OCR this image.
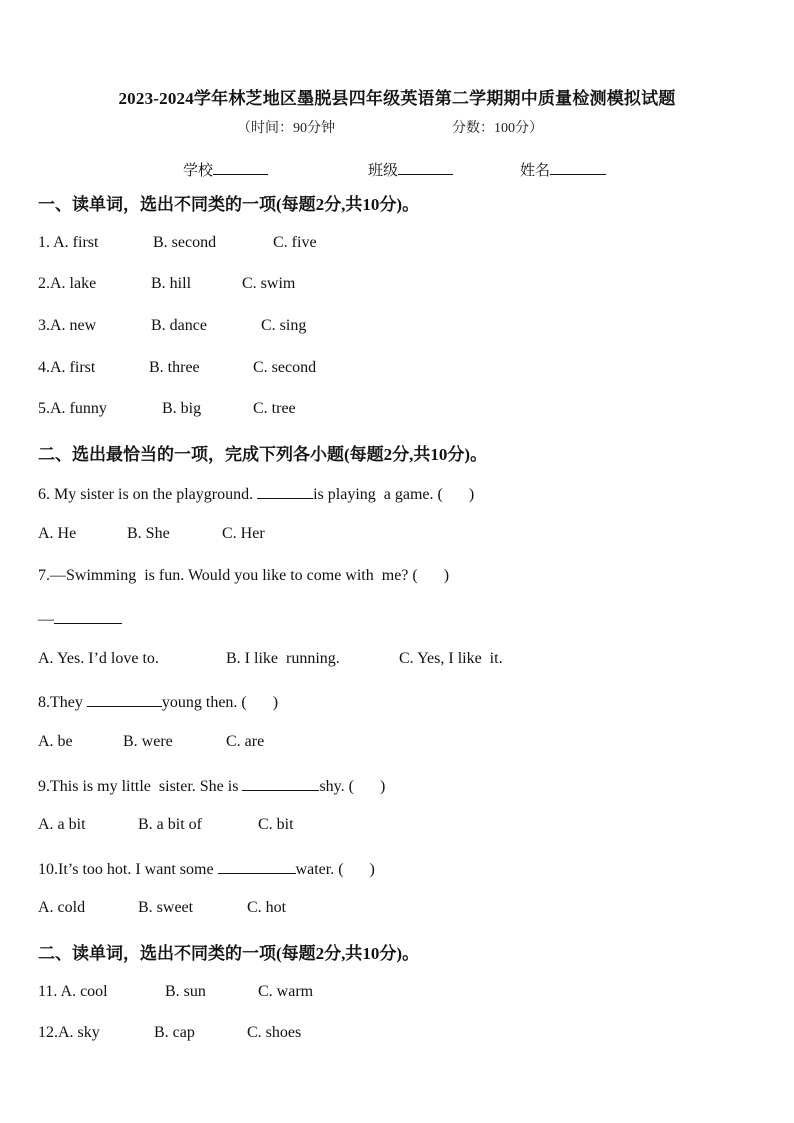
2023-2024学年林芝地区墨脱县四年级英语第二学期期中质量检测模拟试题
（时间：90分钟	分数：100分）
学校	班级	姓名
一、读单词，选出不同类的一项(每题2分,共10分)。
1. A. first	B. second	C. five
2.A. lake	B. hill	C. swim
3.A. new	B. dance	C. sing
4.A. first	B. three	C. second
5.A. funny	B. big	C. tree
二、选出最恰当的一项，完成下列各小题(每题2分,共10分)。
6. My sister is on the playground.	is playing  a game. ( )
A. He	B. She	C. Her
7.—Swimming  is fun. Would you like to come with  me? ( )
—
A. Yes. I’d love to.	B. I like  running.	C. Yes, I like  it.
8.They	young then. ( )
A. be	B. were	C. are
9.This is my little  sister. She is	shy. ( )
A. a bit	B. a bit of	C. bit
10.It’s too hot. I want some	water. ( )
A. cold	B. sweet	C. hot
二、读单词，选出不同类的一项(每题2分,共10分)。
11. A. cool	B. sun	C. warm
12.A. sky	B. cap	C. shoes
